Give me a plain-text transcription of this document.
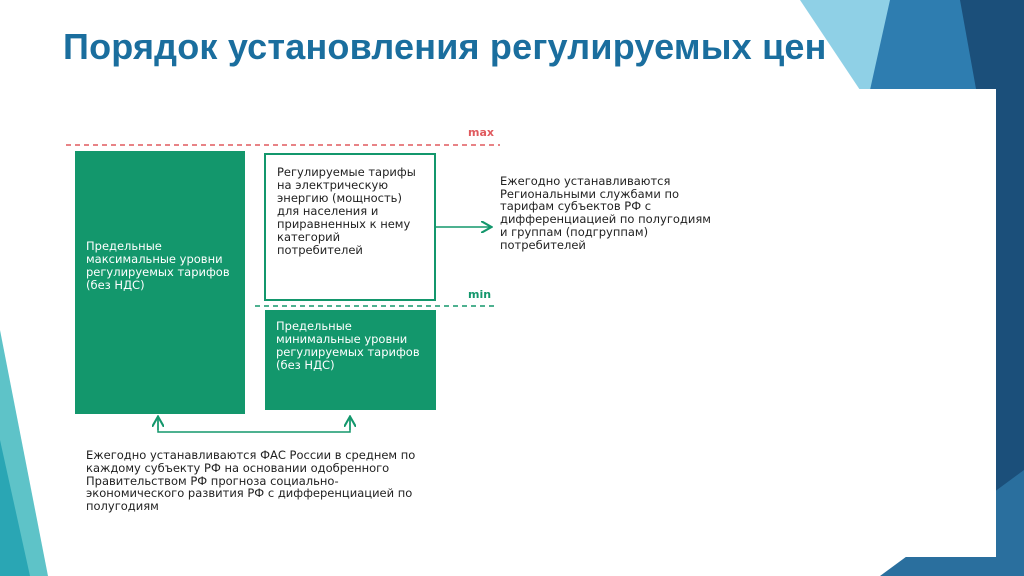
Порядок установления регулируемых цен
max
min
Предельные максимальные уровни регулируемых тарифов (без НДС)
Регулируемые тарифы на электрическую энергию (мощность) для населения и приравненных к нему категорий потребителей
Предельные минимальные уровни регулируемых тарифов (без НДС)
Ежегодно устанавливаются Региональными службами по тарифам субъектов РФ с дифференциацией по полугодиям и группам (подгруппам) потребителей
Ежегодно устанавливаются ФАС России в среднем по каждому субъекту РФ на основании одобренного Правительством РФ прогноза социально-экономического развития РФ с дифференциацией по полугодиям
